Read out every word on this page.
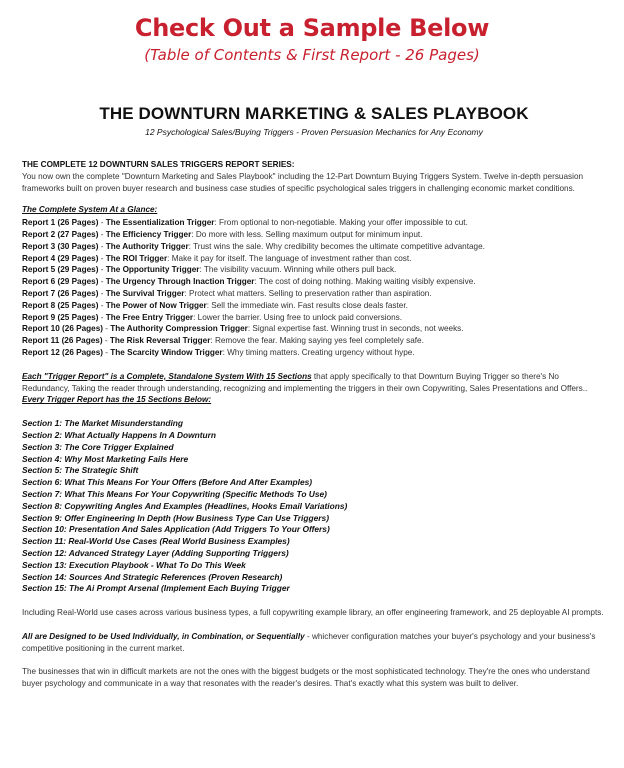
Check Out a Sample Below
(Table of Contents & First Report - 26 Pages)
THE DOWNTURN MARKETING & SALES PLAYBOOK
12 Psychological Sales/Buying Triggers - Proven Persuasion Mechanics for Any Economy
THE COMPLETE 12 DOWNTURN SALES TRIGGERS REPORT SERIES:
You now own the complete "Downturn Marketing and Sales Playbook" including the 12-Part Downturn Buying Triggers System. Twelve in-depth persuasion frameworks built on proven buyer research and business case studies of specific psychological sales triggers in challenging economic market conditions.
The Complete System At a Glance:
Report 1 (26 Pages) - The Essentialization Trigger: From optional to non-negotiable. Making your offer impossible to cut.
Report 2 (27 Pages) - The Efficiency Trigger: Do more with less. Selling maximum output for minimum input.
Report 3 (30 Pages) - The Authority Trigger: Trust wins the sale. Why credibility becomes the ultimate competitive advantage.
Report 4 (29 Pages) - The ROI Trigger: Make it pay for itself. The language of investment rather than cost.
Report 5 (29 Pages) - The Opportunity Trigger: The visibility vacuum. Winning while others pull back.
Report 6 (29 Pages) - The Urgency Through Inaction Trigger: The cost of doing nothing. Making waiting visibly expensive.
Report 7 (26 Pages) - The Survival Trigger: Protect what matters. Selling to preservation rather than aspiration.
Report 8 (25 Pages) - The Power of Now Trigger: Sell the immediate win. Fast results close deals faster.
Report 9 (25 Pages) - The Free Entry Trigger: Lower the barrier. Using free to unlock paid conversions.
Report 10 (26 Pages) - The Authority Compression Trigger: Signal expertise fast. Winning trust in seconds, not weeks.
Report 11 (26 Pages) - The Risk Reversal Trigger: Remove the fear. Making saying yes feel completely safe.
Report 12 (26 Pages) - The Scarcity Window Trigger: Why timing matters. Creating urgency without hype.
Each "Trigger Report" is a Complete, Standalone System With 15 Sections that apply specifically to that Downturn Buying Trigger so there's No Redundancy, Taking the reader through understanding, recognizing and implementing the triggers in their own Copywriting, Sales Presentations and Offers.. Every Trigger Report has the 15 Sections Below:
Section 1: The Market Misunderstanding
Section 2: What Actually Happens In A Downturn
Section 3: The Core Trigger Explained
Section 4: Why Most Marketing Fails Here
Section 5: The Strategic Shift
Section 6: What This Means For Your Offers (Before And After Examples)
Section 7: What This Means For Your Copywriting (Specific Methods To Use)
Section 8: Copywriting Angles And Examples (Headlines, Hooks Email Variations)
Section 9: Offer Engineering In Depth (How Business Type Can Use Triggers)
Section 10: Presentation And Sales Application (Add Triggers To Your Offers)
Section 11: Real-World Use Cases (Real World Business Examples)
Section 12: Advanced Strategy Layer (Adding Supporting Triggers)
Section 13: Execution Playbook - What To Do This Week
Section 14: Sources And Strategic References (Proven Research)
Section 15: The Ai Prompt Arsenal (Implement Each Buying Trigger
Including Real-World use cases across various business types, a full copywriting example library, an offer engineering framework, and 25 deployable AI prompts.
All are Designed to be Used Individually, in Combination, or Sequentially - whichever configuration matches your buyer's psychology and your business's competitive positioning in the current market.
The businesses that win in difficult markets are not the ones with the biggest budgets or the most sophisticated technology. They're the ones who understand buyer psychology and communicate in a way that resonates with the reader's desires. That's exactly what this system was built to deliver.
